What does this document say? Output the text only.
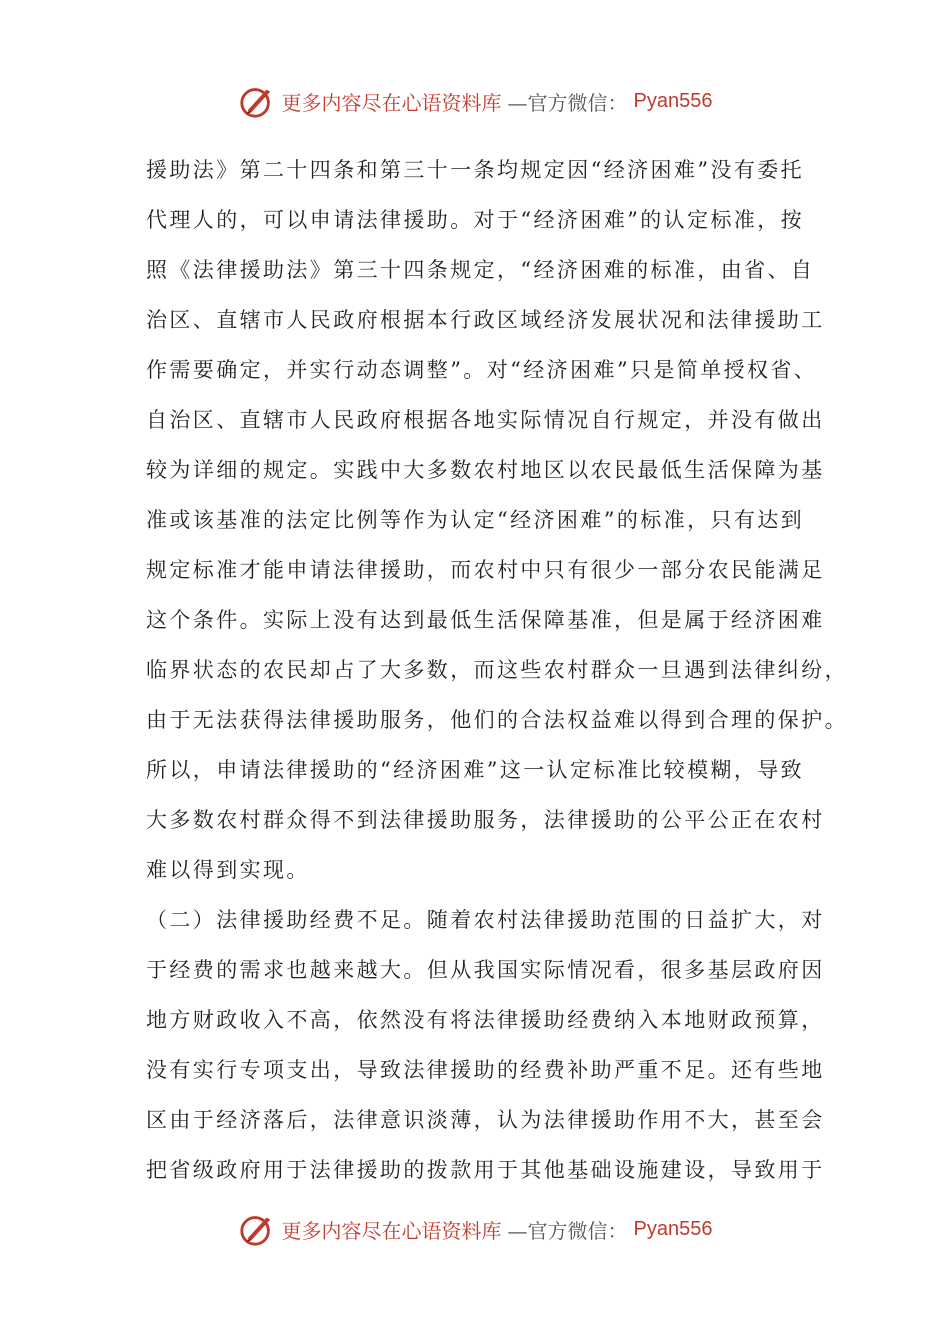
更多内容尽在心语资料库 —官方微信： Pyan556
援助法》第二十四条和第三十一条均规定因“经济困难”没有委托
代理人的，可以申请法律援助。对于“经济困难”的认定标准，按
照《法律援助法》第三十四条规定，“经济困难的标准，由省、自
治区、直辖市人民政府根据本行政区域经济发展状况和法律援助工
作需要确定，并实行动态调整”。对“经济困难”只是简单授权省、
自治区、直辖市人民政府根据各地实际情况自行规定，并没有做出
较为详细的规定。实践中大多数农村地区以农民最低生活保障为基
准或该基准的法定比例等作为认定“经济困难”的标准，只有达到
规定标准才能申请法律援助，而农村中只有很少一部分农民能满足
这个条件。实际上没有达到最低生活保障基准，但是属于经济困难
临界状态的农民却占了大多数，而这些农村群众一旦遇到法律纠纷，
由于无法获得法律援助服务，他们的合法权益难以得到合理的保护。
所以，申请法律援助的“经济困难”这一认定标准比较模糊，导致
大多数农村群众得不到法律援助服务，法律援助的公平公正在农村
难以得到实现。
（二）法律援助经费不足。随着农村法律援助范围的日益扩大，对
于经费的需求也越来越大。但从我国实际情况看，很多基层政府因
地方财政收入不高，依然没有将法律援助经费纳入本地财政预算，
没有实行专项支出，导致法律援助的经费补助严重不足。还有些地
区由于经济落后，法律意识淡薄，认为法律援助作用不大，甚至会
把省级政府用于法律援助的拨款用于其他基础设施建设，导致用于
更多内容尽在心语资料库 —官方微信： Pyan556
